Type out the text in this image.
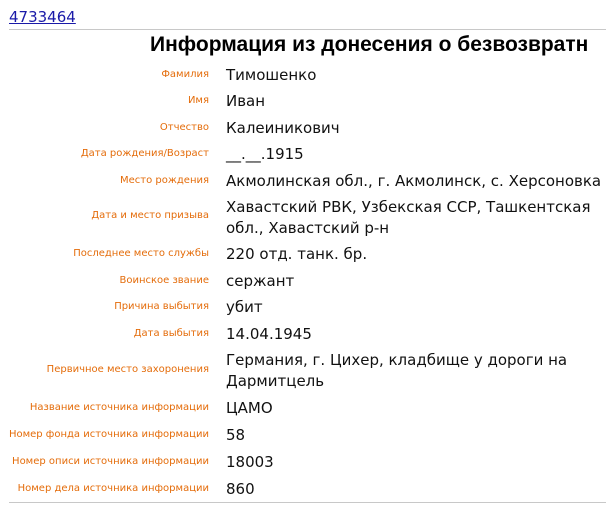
4733464
Информация из донесения о безвозвратн
Фамилия Тимошенко
Имя Иван
Отчество Калеиникович
Дата рождения/Возраст __.__.1915
Место рождения Акмолинская обл., г. Акмолинск, с. Херсоновка
Дата и место призыва Хавастский РВК, Узбекская ССР, Ташкентская
обл., Хавастский р-н
Последнее место службы 220 отд. танк. бр.
Воинское звание сержант
Причина выбытия убит
Дата выбытия 14.04.1945
Первичное место захоронения
Германия, г. Цихер, кладбище у дороги на
Дармитцель
Название источника информации ЦАМО
Номер фонда источника информации 58
Номер описи источника информации 18003
Номер дела источника информации 860
